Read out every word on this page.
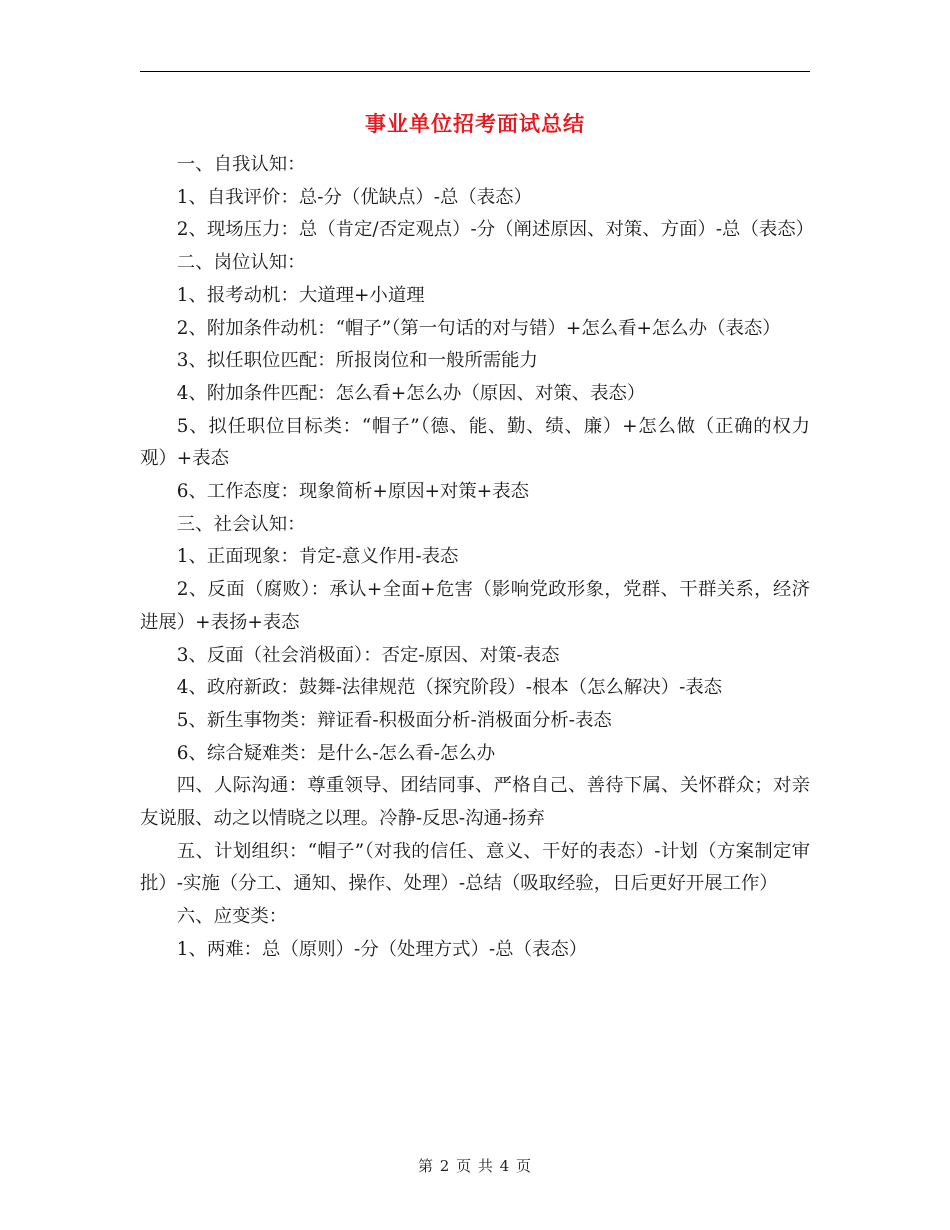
事业单位招考面试总结

一、自我认知：

1、自我评价：总-分（优缺点）-总（表态）

2、现场压力：总（肯定/否定观点）-分（阐述原因、对策、方面）-总（表态）

二、岗位认知：

1、报考动机：大道理+小道理

2、附加条件动机：“帽子”（第一句话的对与错）+怎么看+怎么办（表态）

3、拟任职位匹配：所报岗位和一般所需能力

4、附加条件匹配：怎么看+怎么办（原因、对策、表态）

5、拟任职位目标类：“帽子”（德、能、勤、绩、廉）+怎么做（正确的权力观）+表态

6、工作态度：现象简析+原因+对策+表态

三、社会认知：

1、正面现象：肯定-意义作用-表态

2、反面（腐败）：承认+全面+危害（影响党政形象，党群、干群关系，经济进展）+表扬+表态

3、反面（社会消极面）：否定-原因、对策-表态

4、政府新政：鼓舞-法律规范（探究阶段）-根本（怎么解决）-表态

5、新生事物类：辩证看-积极面分析-消极面分析-表态

6、综合疑难类：是什么-怎么看-怎么办

四、人际沟通：尊重领导、团结同事、严格自己、善待下属、关怀群众；对亲友说服、动之以情晓之以理。冷静-反思-沟通-扬弃

五、计划组织：“帽子”（对我的信任、意义、干好的表态）-计划（方案制定审批）-实施（分工、通知、操作、处理）-总结（吸取经验，日后更好开展工作）

六、应变类：

1、两难：总（原则）-分（处理方式）-总（表态）

第 2 页 共 4 页
